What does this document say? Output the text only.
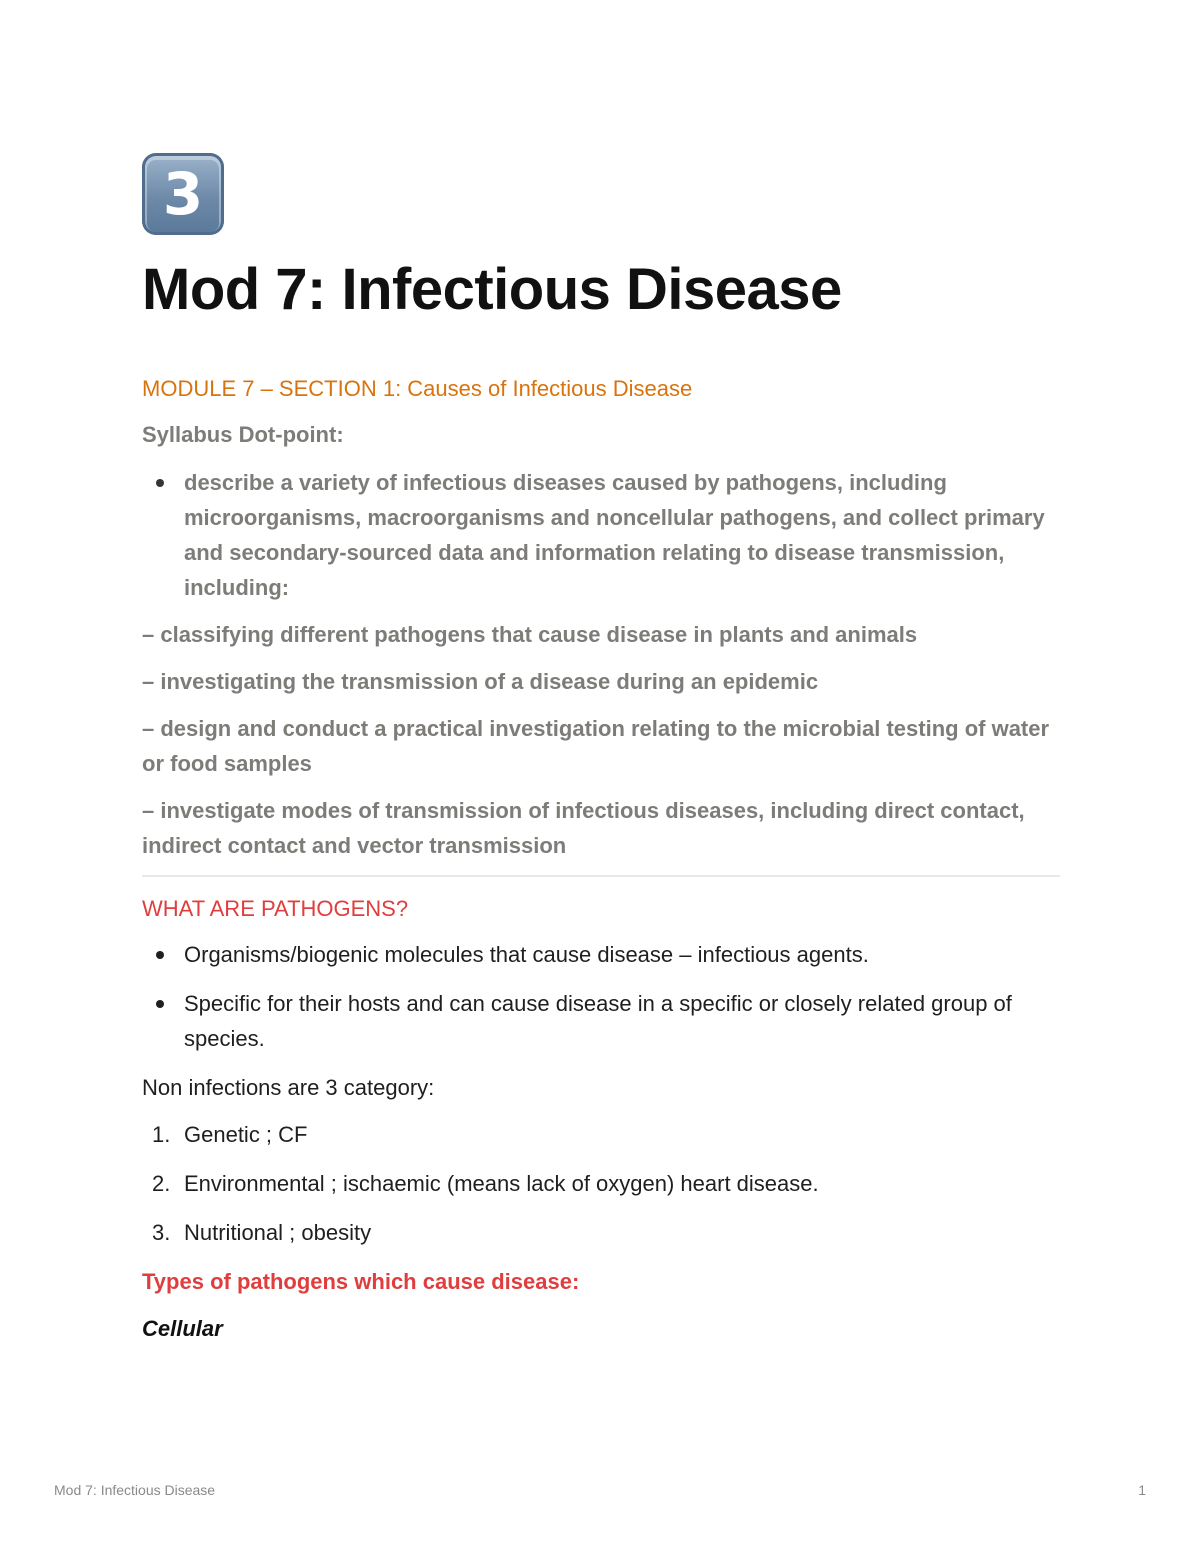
3
Mod 7: Infectious Disease
MODULE 7 – SECTION 1: Causes of Infectious Disease
Syllabus Dot-point:
describe a variety of infectious diseases caused by pathogens, including microorganisms, macroorganisms and noncellular pathogens, and collect primary and secondary-sourced data and information relating to disease transmission, including:
– classifying different pathogens that cause disease in plants and animals
– investigating the transmission of a disease during an epidemic
– design and conduct a practical investigation relating to the microbial testing of water or food samples
– investigate modes of transmission of infectious diseases, including direct contact, indirect contact and vector transmission
WHAT ARE PATHOGENS?
Organisms/biogenic molecules that cause disease – infectious agents.
Specific for their hosts and can cause disease in a specific or closely related group of species.

Non infections are 3 category:

1. Genetic ; CF
2. Environmental ; ischaemic (means lack of oxygen) heart disease.
3. Nutritional ; obesity
Types of pathogens which cause disease:
Cellular
Mod 7: Infectious Disease	1
